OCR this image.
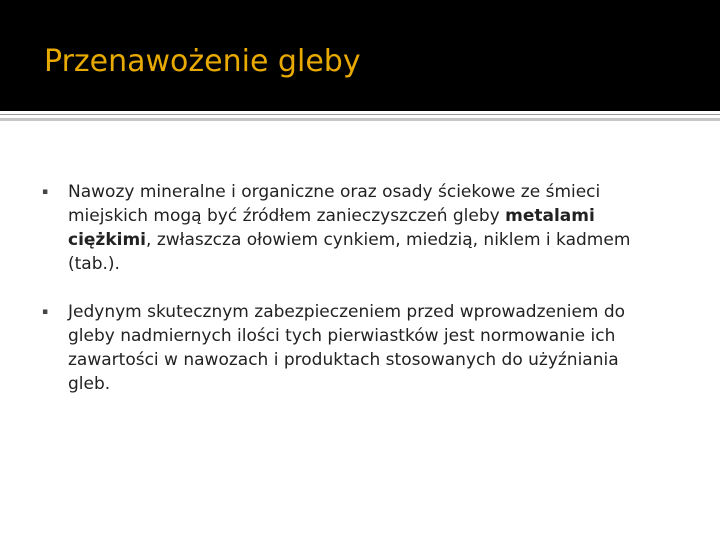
Przenawożenie gleby
▪ Nawozy mineralne i organiczne oraz osady ściekowe ze śmieci miejskich mogą być źródłem zanieczyszczeń gleby metalami ciężkimi, zwłaszcza ołowiem cynkiem, miedzią, niklem i kadmem (tab.).
▪ Jedynym skutecznym zabezpieczeniem przed wprowadzeniem do gleby nadmiernych ilości tych pierwiastków jest normowanie ich zawartości w nawozach i produktach stosowanych do użyźniania gleb.
